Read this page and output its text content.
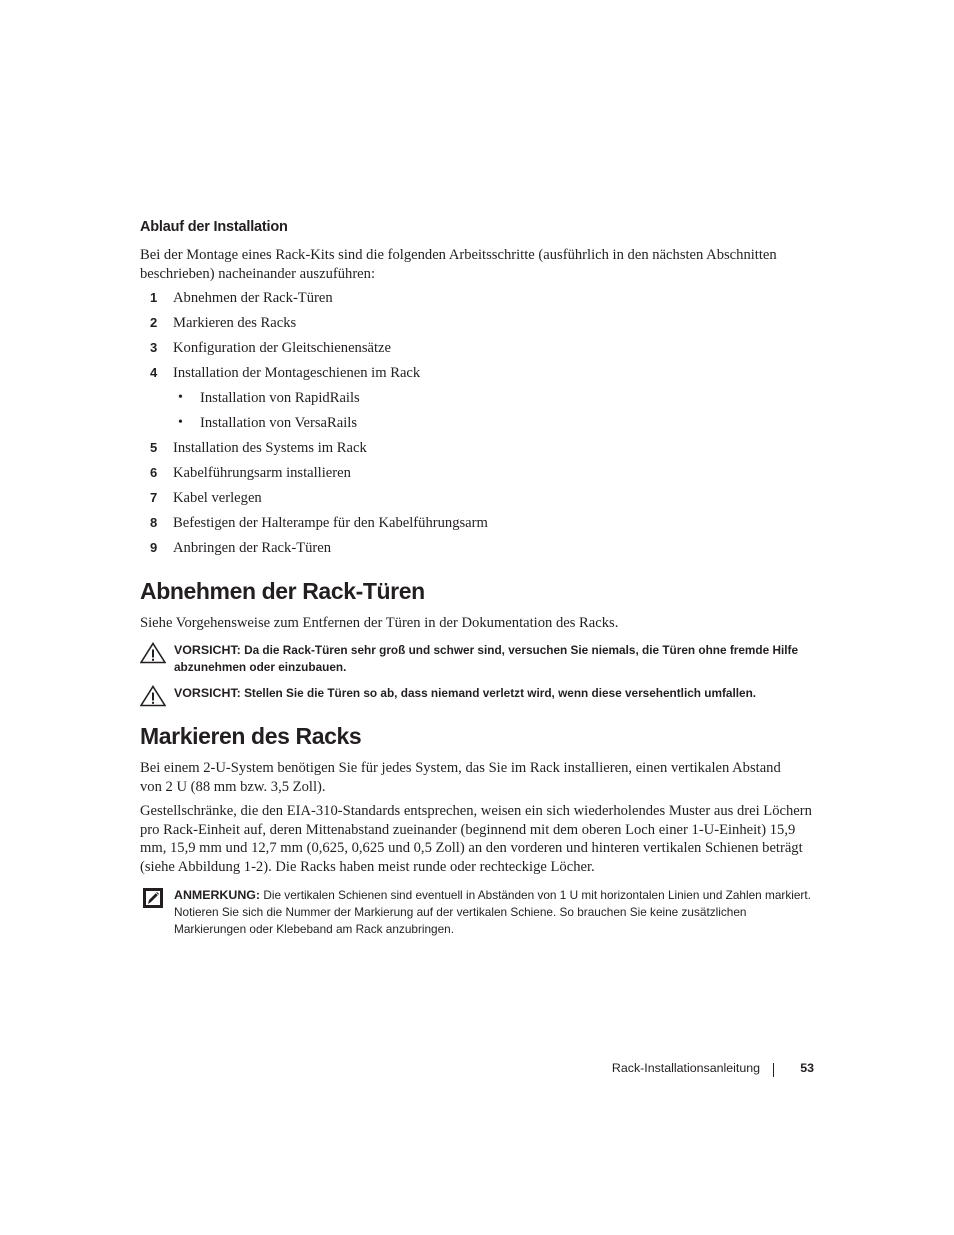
Ablauf der Installation
Bei der Montage eines Rack-Kits sind die folgenden Arbeitsschritte (ausführlich in den nächsten Abschnitten beschrieben) nacheinander auszuführen:
1 Abnehmen der Rack-Türen
2 Markieren des Racks
3 Konfiguration der Gleitschienensätze
4 Installation der Montageschienen im Rack
• Installation von RapidRails
• Installation von VersaRails
5 Installation des Systems im Rack
6 Kabelführungsarm installieren
7 Kabel verlegen
8 Befestigen der Halterampe für den Kabelführungsarm
9 Anbringen der Rack-Türen
Abnehmen der Rack-Türen
Siehe Vorgehensweise zum Entfernen der Türen in der Dokumentation des Racks.
VORSICHT: Da die Rack-Türen sehr groß und schwer sind, versuchen Sie niemals, die Türen ohne fremde Hilfe abzunehmen oder einzubauen.
VORSICHT: Stellen Sie die Türen so ab, dass niemand verletzt wird, wenn diese versehentlich umfallen.
Markieren des Racks
Bei einem 2-U-System benötigen Sie für jedes System, das Sie im Rack installieren, einen vertikalen Abstand von 2 U (88 mm bzw. 3,5 Zoll).
Gestellschränke, die den EIA-310-Standards entsprechen, weisen ein sich wiederholendes Muster aus drei Löchern pro Rack-Einheit auf, deren Mittenabstand zueinander (beginnend mit dem oberen Loch einer 1-U-Einheit) 15,9 mm, 15,9 mm und 12,7 mm (0,625, 0,625 und 0,5 Zoll) an den vorderen und hinteren vertikalen Schienen beträgt (siehe Abbildung 1-2). Die Racks haben meist runde oder rechteckige Löcher.
ANMERKUNG: Die vertikalen Schienen sind eventuell in Abständen von 1 U mit horizontalen Linien und Zahlen markiert. Notieren Sie sich die Nummer der Markierung auf der vertikalen Schiene. So brauchen Sie keine zusätzlichen Markierungen oder Klebeband am Rack anzubringen.
Rack-Installationsanleitung	53
